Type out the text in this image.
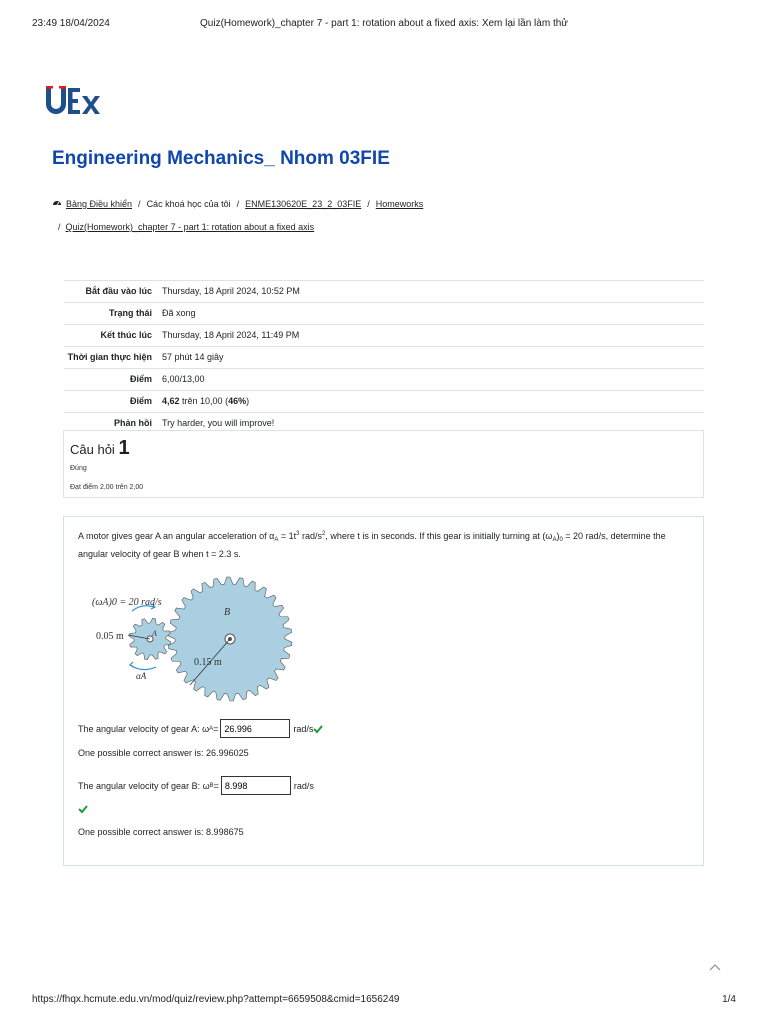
23:49 18/04/2024	Quiz(Homework)_chapter 7 - part 1: rotation about a fixed axis: Xem lại lần làm thử
Engineering Mechanics_ Nhom 03FIE
Bảng Điều khiển / Các khoá học của tôi / ENME130620E_23_2_03FIE / Homeworks
/ Quiz(Homework)_chapter 7 - part 1: rotation about a fixed axis
Bắt đầu vào lúc	Thursday, 18 April 2024, 10:52 PM
Trạng thái	Đã xong
Kết thúc lúc	Thursday, 18 April 2024, 11:49 PM
Thời gian thực hiện	57 phút 14 giây
Điểm	6,00/13,00
Điểm	4,62 trên 10,00 (46%)
Phản hồi	Try harder, you will improve!
Câu hỏi 1
Đúng
Đạt điểm 2,00 trên 2,00
A motor gives gear A an angular acceleration of $\alpha_A = 1t^3$ rad/$s^2$, where t is in seconds. If this gear is initially turning at $(\omega_A)_0 = 20$ rad/s, determine the angular velocity of gear B when t = 2.3 s.
(ωA)0 = 20 rad/s
0.05 m
0.15 m
B
A
αA
The angular velocity of gear A: ω A =
26.996	rad/s
One possible correct answer is: 26.996025
The angular velocity of gear B: ω B =
8.998	rad/s
One possible correct answer is: 8.998675
https://fhqx.hcmute.edu.vn/mod/quiz/review.php?attempt=6659508&cmid=1656249	1/4
